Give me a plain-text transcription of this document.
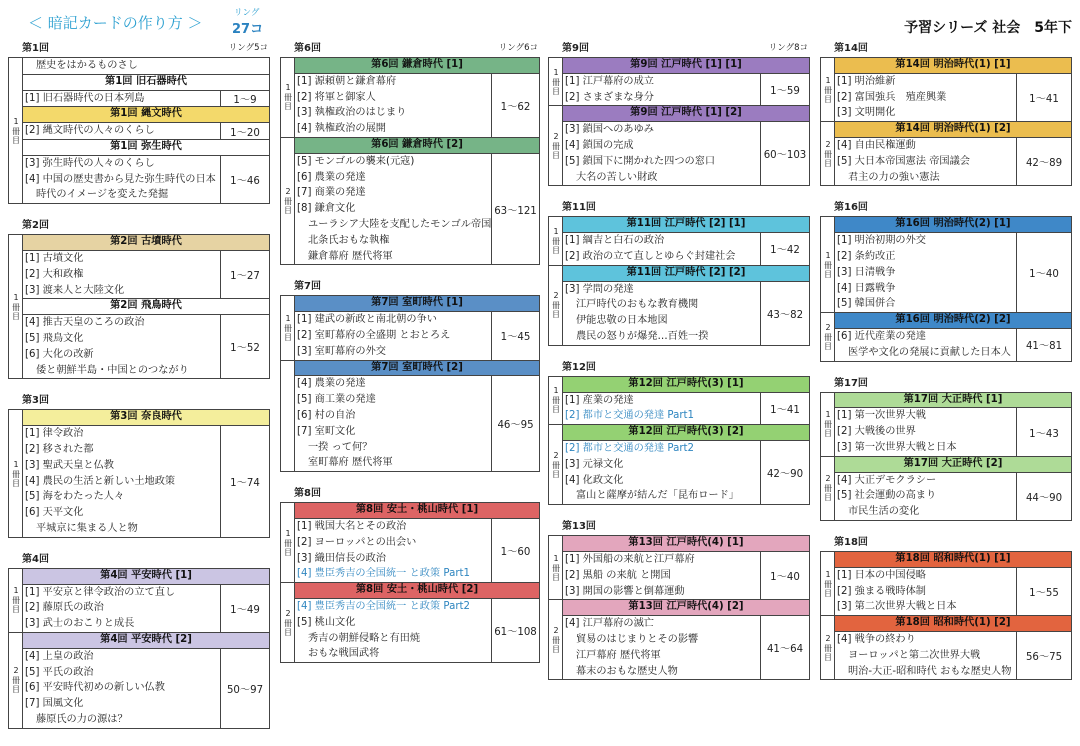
＜ 暗記カードの作り方 ＞
リング
27コ	予習シリーズ 社会　5年下
第1回	リング5コ
1冊目
歴史をはかるものさし
第1回 旧石器時代
[1] 旧石器時代の日本列島	1～9
第1回 縄文時代
[2] 縄文時代の人々のくらし	1～20
第1回 弥生時代
[3] 弥生時代の人々のくらし
[4] 中国の歴史書から見た弥生時代の日本
時代のイメージを変えた発掘
1～46
第2回
1冊目
第2回 古墳時代
[1] 古墳文化
[2] 大和政権
[3] 渡来人と大陸文化
1～27
第2回 飛鳥時代
[4] 推古天皇のころの政治
[5] 飛鳥文化
[6] 大化の改新
倭と朝鮮半島・中国とのつながり
1～52
第3回
1冊目
第3回 奈良時代
[1] 律令政治
[2] 移された都
[3] 聖武天皇と仏教
[4] 農民の生活と新しい土地政策
[5] 海をわたった人々
[6] 天平文化
平城京に集まる人と物
1～74
第4回
1冊目
第4回 平安時代 [1]
[1] 平安京と律令政治の立て直し
[2] 藤原氏の政治
[3] 武士のおこりと成長
1～49
2冊目
第4回 平安時代 [2]
[4] 上皇の政治
[5] 平氏の政治
[6] 平安時代初めの新しい仏教
[7] 国風文化
藤原氏の力の源は？
50～97
第6回	リング6コ
1冊目
第6回 鎌倉時代 [1]
[1] 源頼朝と鎌倉幕府
[2] 将軍と御家人
[3] 執権政治のはじまり
[4] 執権政治の展開
1～62
2冊目
第6回 鎌倉時代 [2]
[5] モンゴルの襲来(元寇)
[6] 農業の発達
[7] 商業の発達
[8] 鎌倉文化
ユーラシア大陸を支配したモンゴル帝国
北条氏おもな執権
鎌倉幕府 歴代将軍
63～121
第7回
1冊目
第7回 室町時代 [1]
[1] 建武の新政と南北朝の争い
[2] 室町幕府の全盛期 とおとろえ
[3] 室町幕府の外交
1～45
第7回 室町時代 [2]
[4] 農業の発達
[5] 商工業の発達
[6] 村の自治
[7] 室町文化
一揆 って何？
室町幕府 歴代将軍
46～95
第8回
1冊目
第8回 安土・桃山時代 [1]
[1] 戦国大名とその政治
[2] ヨーロッパとの出会い
[3] 織田信長の政治
[4] 豊臣秀吉の全国統一 と政策 Part1
1～60
2冊目
第8回 安土・桃山時代 [2]
[4] 豊臣秀吉の全国統一 と政策 Part2
[5] 桃山文化
秀吉の朝鮮侵略と有田焼
おもな戦国武将
61～108
第9回	リング8コ
1冊目
第9回 江戸時代 [1] [1]
[1] 江戸幕府の成立
[2] さまざまな身分	1～59
2冊目
第9回 江戸時代 [1] [2]
[3] 鎖国へのあゆみ
[4] 鎖国の完成
[5] 鎖国下に開かれた四つの窓口
大名の苦しい財政
60～103
第11回
1冊目
第11回 江戸時代 [2] [1]
[1] 綱吉と白石の政治
[2] 政治の立て直しとゆらぐ封建社会	1～42
2冊目
第11回 江戸時代 [2] [2]
[3] 学問の発達
江戸時代のおもな教育機関
伊能忠敬の日本地図
農民の怒りが爆発…百姓一揆
43～82
第12回
1冊目
第12回 江戸時代(3) [1]
[1] 産業の発達
[2] 都市と交通の発達 Part1	1～41
2冊目
第12回 江戸時代(3) [2]
[2] 都市と交通の発達 Part2
[3] 元禄文化
[4] 化政文化
富山と薩摩が結んだ「昆布ロード」
42～90
第13回
1冊目
第13回 江戸時代(4) [1]
[1] 外国船の来航と江戸幕府
[2] 黒船 の来航 と開国
[3] 開国の影響と倒幕運動
1～40
2冊目
第13回 江戸時代(4) [2]
[4] 江戸幕府の滅亡
貿易のはじまりとその影響
江戸幕府 歴代将軍
幕末のおもな歴史人物
41～64
第14回
1冊目
第14回 明治時代(1) [1]
[1] 明治維新
[2] 富国強兵　殖産興業
[3] 文明開化
1～41
2冊目
第14回 明治時代(1) [2]
[4] 自由民権運動
[5] 大日本帝国憲法 帝国議会
君主の力の強い憲法
42～89
第16回
1冊目
第16回 明治時代(2) [1]
[1] 明治初期の外交
[2] 条約改正
[3] 日清戦争
[4] 日露戦争
[5] 韓国併合
1～40
2冊目
第16回 明治時代(2) [2]
[6] 近代産業の発達
医学や文化の発展に貢献した日本人	41～81
第17回
1冊目
第17回 大正時代 [1]
[1] 第一次世界大戦
[2] 大戦後の世界
[3] 第一次世界大戦と日本
1～43
2冊目
第17回 大正時代 [2]
[4] 大正デモクラシー
[5] 社会運動の高まり
市民生活の変化
44～90
第18回
1冊目
第18回 昭和時代(1) [1]
[1] 日本の中国侵略
[2] 強まる戦時体制
[3] 第二次世界大戦と日本
1～55
2冊目
第18回 昭和時代(1) [2]
[4] 戦争の終わり
ヨーロッパと第二次世界大戦
明治-大正-昭和時代 おもな歴史人物
56～75
